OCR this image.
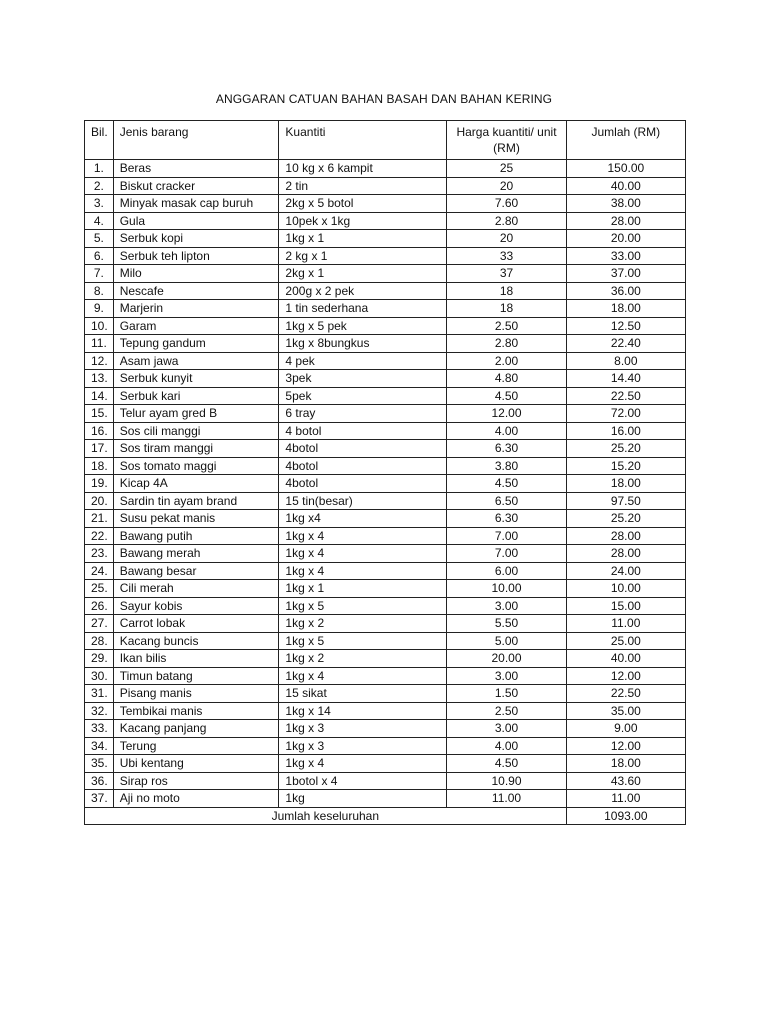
ANGGARAN CATUAN BAHAN BASAH DAN BAHAN KERING
Bil.	Jenis barang	Kuantiti	Harga kuantiti/ unit (RM)	Jumlah (RM)
1.	Beras	10 kg x 6 kampit	25	150.00
2.	Biskut cracker	2 tin	20	40.00
3.	Minyak masak cap buruh	2kg x 5 botol	7.60	38.00
4.	Gula	10pek x 1kg	2.80	28.00
5.	Serbuk kopi	1kg x 1	20	20.00
6.	Serbuk teh lipton	2 kg x 1	33	33.00
7.	Milo	2kg x 1	37	37.00
8.	Nescafe	200g x 2 pek	18	36.00
9.	Marjerin	1 tin sederhana	18	18.00
10.	Garam	1kg x 5 pek	2.50	12.50
11.	Tepung gandum	1kg x 8bungkus	2.80	22.40
12.	Asam jawa	4 pek	2.00	8.00
13.	Serbuk kunyit	3pek	4.80	14.40
14.	Serbuk kari	5pek	4.50	22.50
15.	Telur ayam gred B	6 tray	12.00	72.00
16.	Sos cili manggi	4 botol	4.00	16.00
17.	Sos tiram manggi	4botol	6.30	25.20
18.	Sos tomato maggi	4botol	3.80	15.20
19.	Kicap 4A	4botol	4.50	18.00
20.	Sardin tin ayam brand	15 tin(besar)	6.50	97.50
21.	Susu pekat manis	1kg x4	6.30	25.20
22.	Bawang putih	1kg x 4	7.00	28.00
23.	Bawang merah	1kg x 4	7.00	28.00
24.	Bawang besar	1kg x 4	6.00	24.00
25.	Cili merah	1kg x 1	10.00	10.00
26.	Sayur kobis	1kg x 5	3.00	15.00
27.	Carrot lobak	1kg x 2	5.50	11.00
28.	Kacang buncis	1kg x 5	5.00	25.00
29.	Ikan bilis	1kg x 2	20.00	40.00
30.	Timun batang	1kg x 4	3.00	12.00
31.	Pisang manis	15 sikat	1.50	22.50
32.	Tembikai manis	1kg x 14	2.50	35.00
33.	Kacang panjang	1kg x 3	3.00	9.00
34.	Terung	1kg x 3	4.00	12.00
35.	Ubi kentang	1kg x 4	4.50	18.00
36.	Sirap ros	1botol x 4	10.90	43.60
37.	Aji no moto	1kg	11.00	11.00
Jumlah keseluruhan				1093.00
